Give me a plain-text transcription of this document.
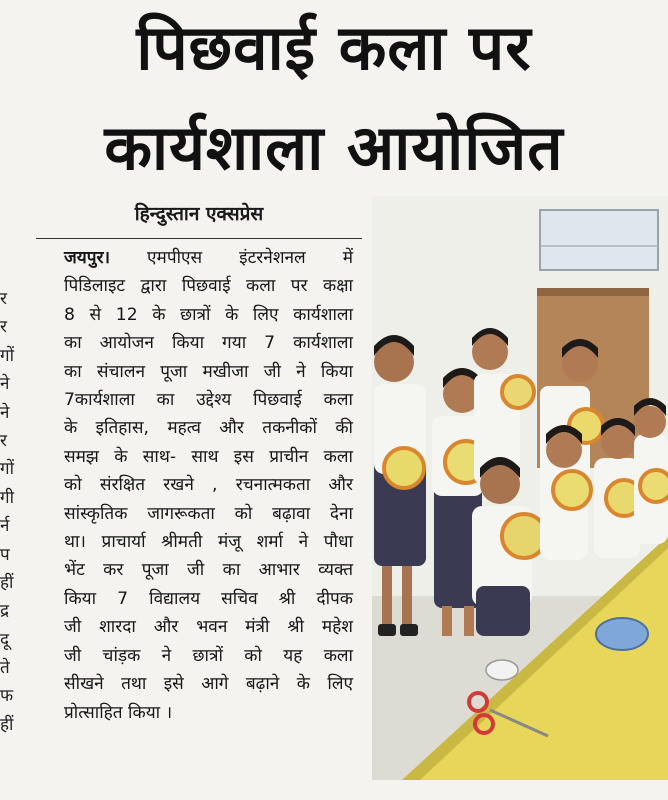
पिछवाई कला पर
कार्यशाला आयोजित
र
र
गों
ने
ने
र
गों
गी
र्न
प
हीं
द्र
दू
ते
फ
हीं
हिन्दुस्तान एक्सप्रेस
जयपुर। एमपीएस इंटरनेशनल में
पिडिलाइट द्वारा पिछवाई कला पर कक्षा
8 से 12 के छात्रों के लिए कार्यशाला
का आयोजन किया गया 7 कार्यशाला
का संचालन पूजा मखीजा जी ने किया
7कार्यशाला का उद्देश्य पिछवाई कला
के इतिहास, महत्व और तकनीकों की
समझ के साथ- साथ इस प्राचीन कला
को संरक्षित रखने , रचनात्मकता और
सांस्कृतिक जागरूकता को बढ़ावा देना
था। प्राचार्या श्रीमती मंजू शर्मा ने पौधा
भेंट कर पूजा जी का आभार व्यक्त
किया 7 विद्यालय सचिव श्री दीपक
जी शारदा और भवन मंत्री श्री महेश
जी चांड़क ने छात्रों को यह कला
सीखने तथा इसे आगे बढ़ाने के लिए
प्रोत्साहित किया ।
